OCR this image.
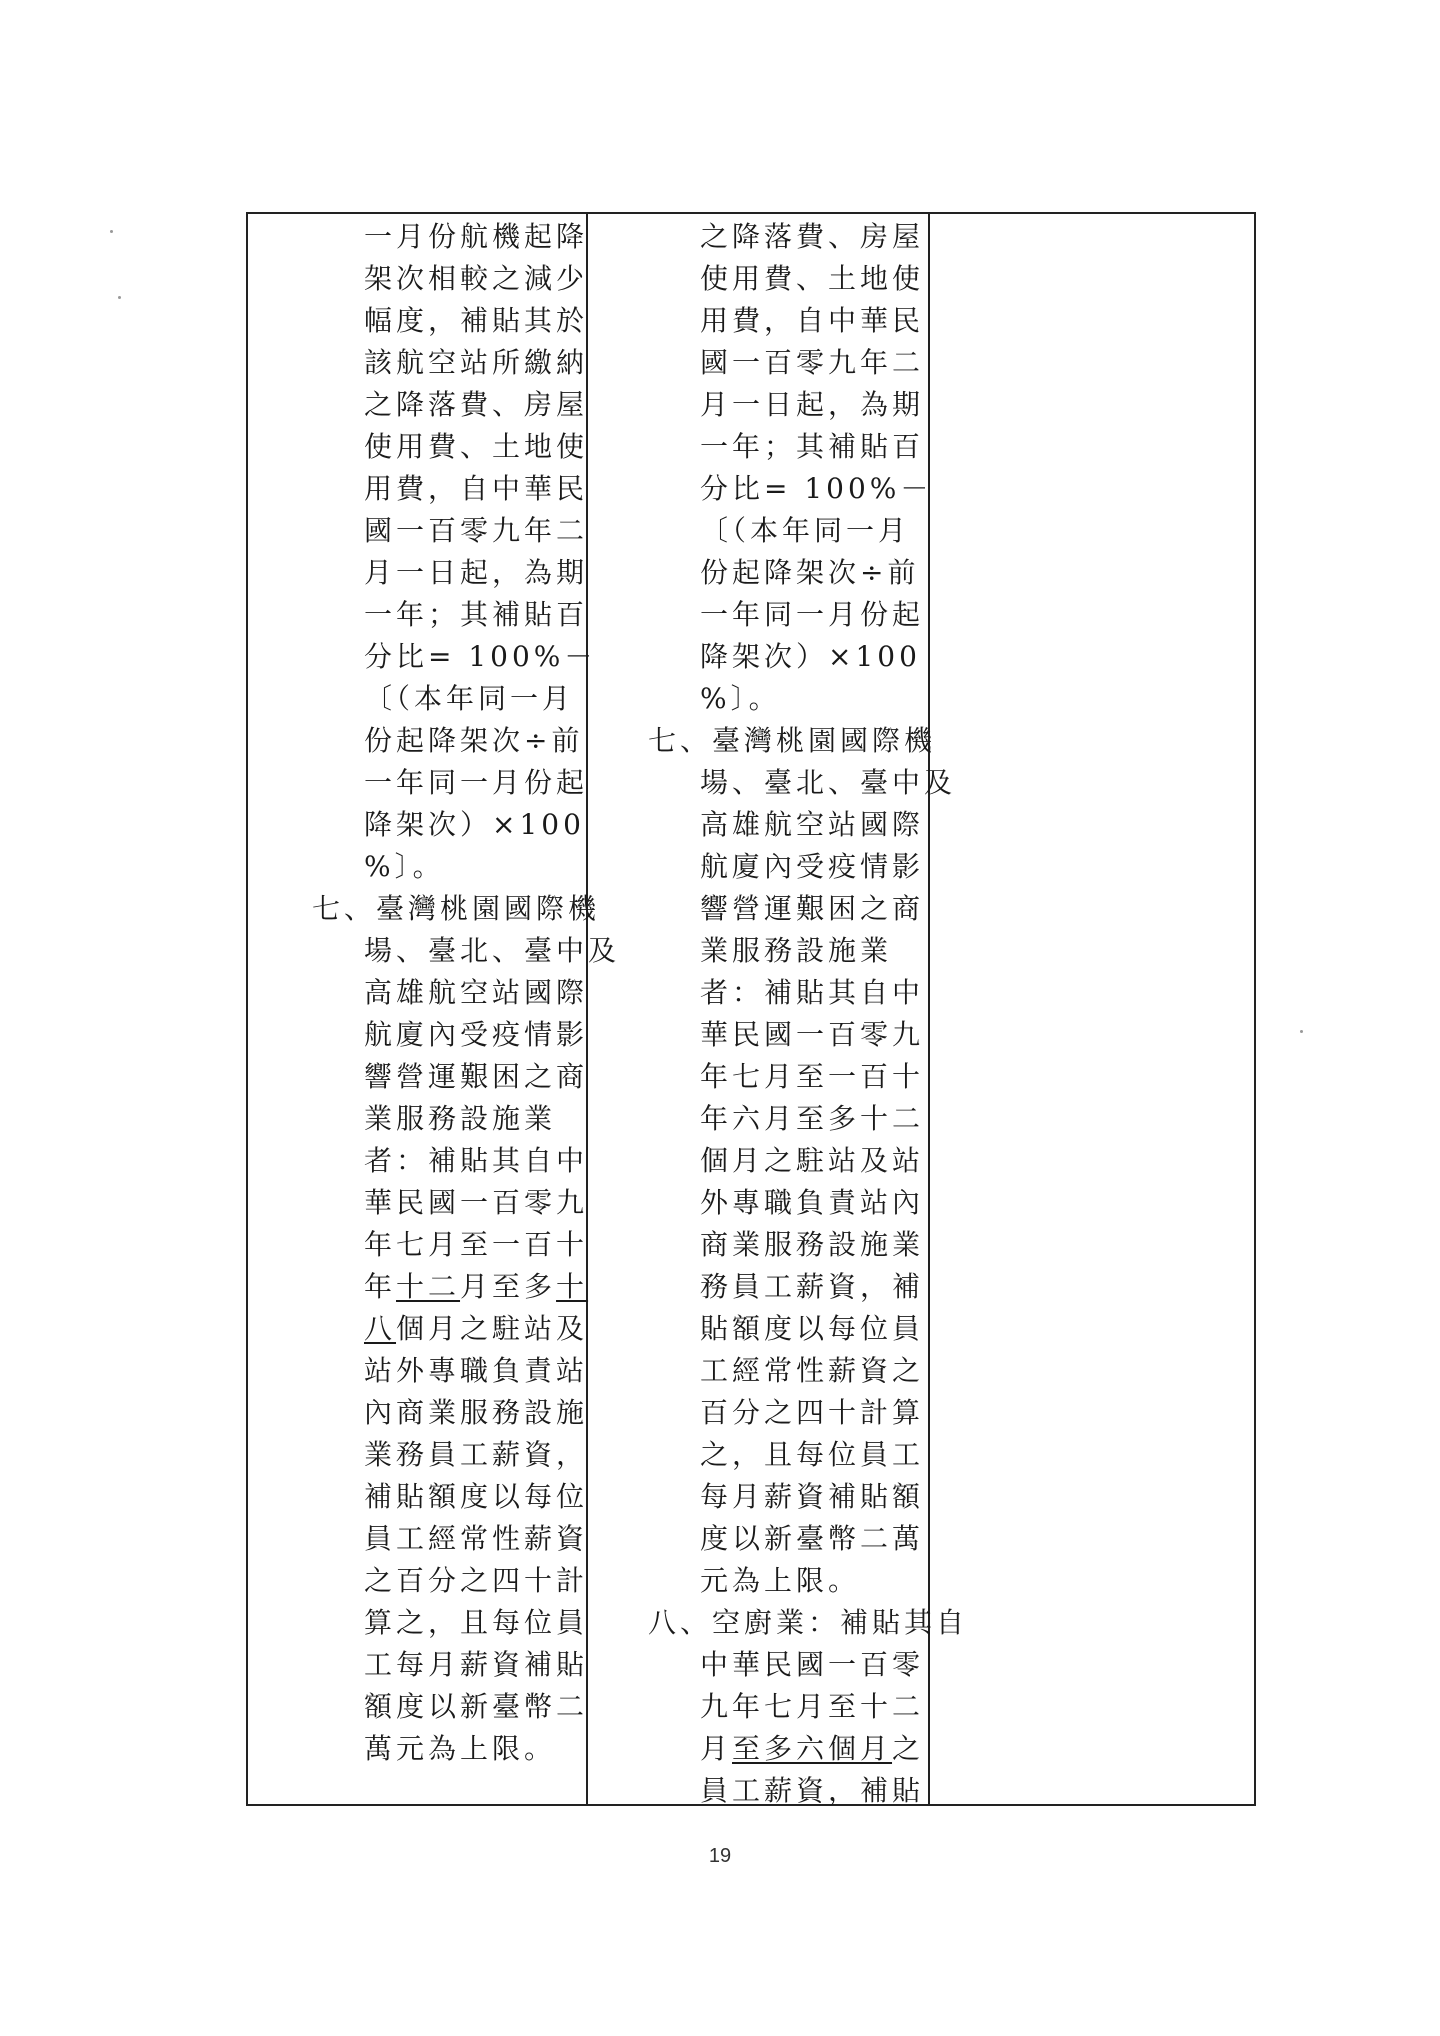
一月份航機起降
架次相較之減少
幅度，補貼其於
該航空站所繳納
之降落費、房屋
使用費、土地使
用費，自中華民
國一百零九年二
月一日起，為期
一年；其補貼百
分比= 100%－
〔（本年同一月
份起降架次÷前
一年同一月份起
降架次）×100
%〕。
七、臺灣桃園國際機
場、臺北、臺中及
高雄航空站國際
航廈內受疫情影
響營運艱困之商
業服務設施業
者：補貼其自中
華民國一百零九
年七月至一百十
年十二月至多十
八個月之駐站及
站外專職負責站
內商業服務設施
業務員工薪資，
補貼額度以每位
員工經常性薪資
之百分之四十計
算之，且每位員
工每月薪資補貼
額度以新臺幣二
萬元為上限。
之降落費、房屋
使用費、土地使
用費，自中華民
國一百零九年二
月一日起，為期
一年；其補貼百
分比= 100%－
〔（本年同一月
份起降架次÷前
一年同一月份起
降架次）×100
%〕。
七、臺灣桃園國際機
場、臺北、臺中及
高雄航空站國際
航廈內受疫情影
響營運艱困之商
業服務設施業
者：補貼其自中
華民國一百零九
年七月至一百十
年六月至多十二
個月之駐站及站
外專職負責站內
商業服務設施業
務員工薪資，補
貼額度以每位員
工經常性薪資之
百分之四十計算
之，且每位員工
每月薪資補貼額
度以新臺幣二萬
元為上限。
八、空廚業：補貼其自
中華民國一百零
九年七月至十二
月至多六個月之
員工薪資，補貼
19
